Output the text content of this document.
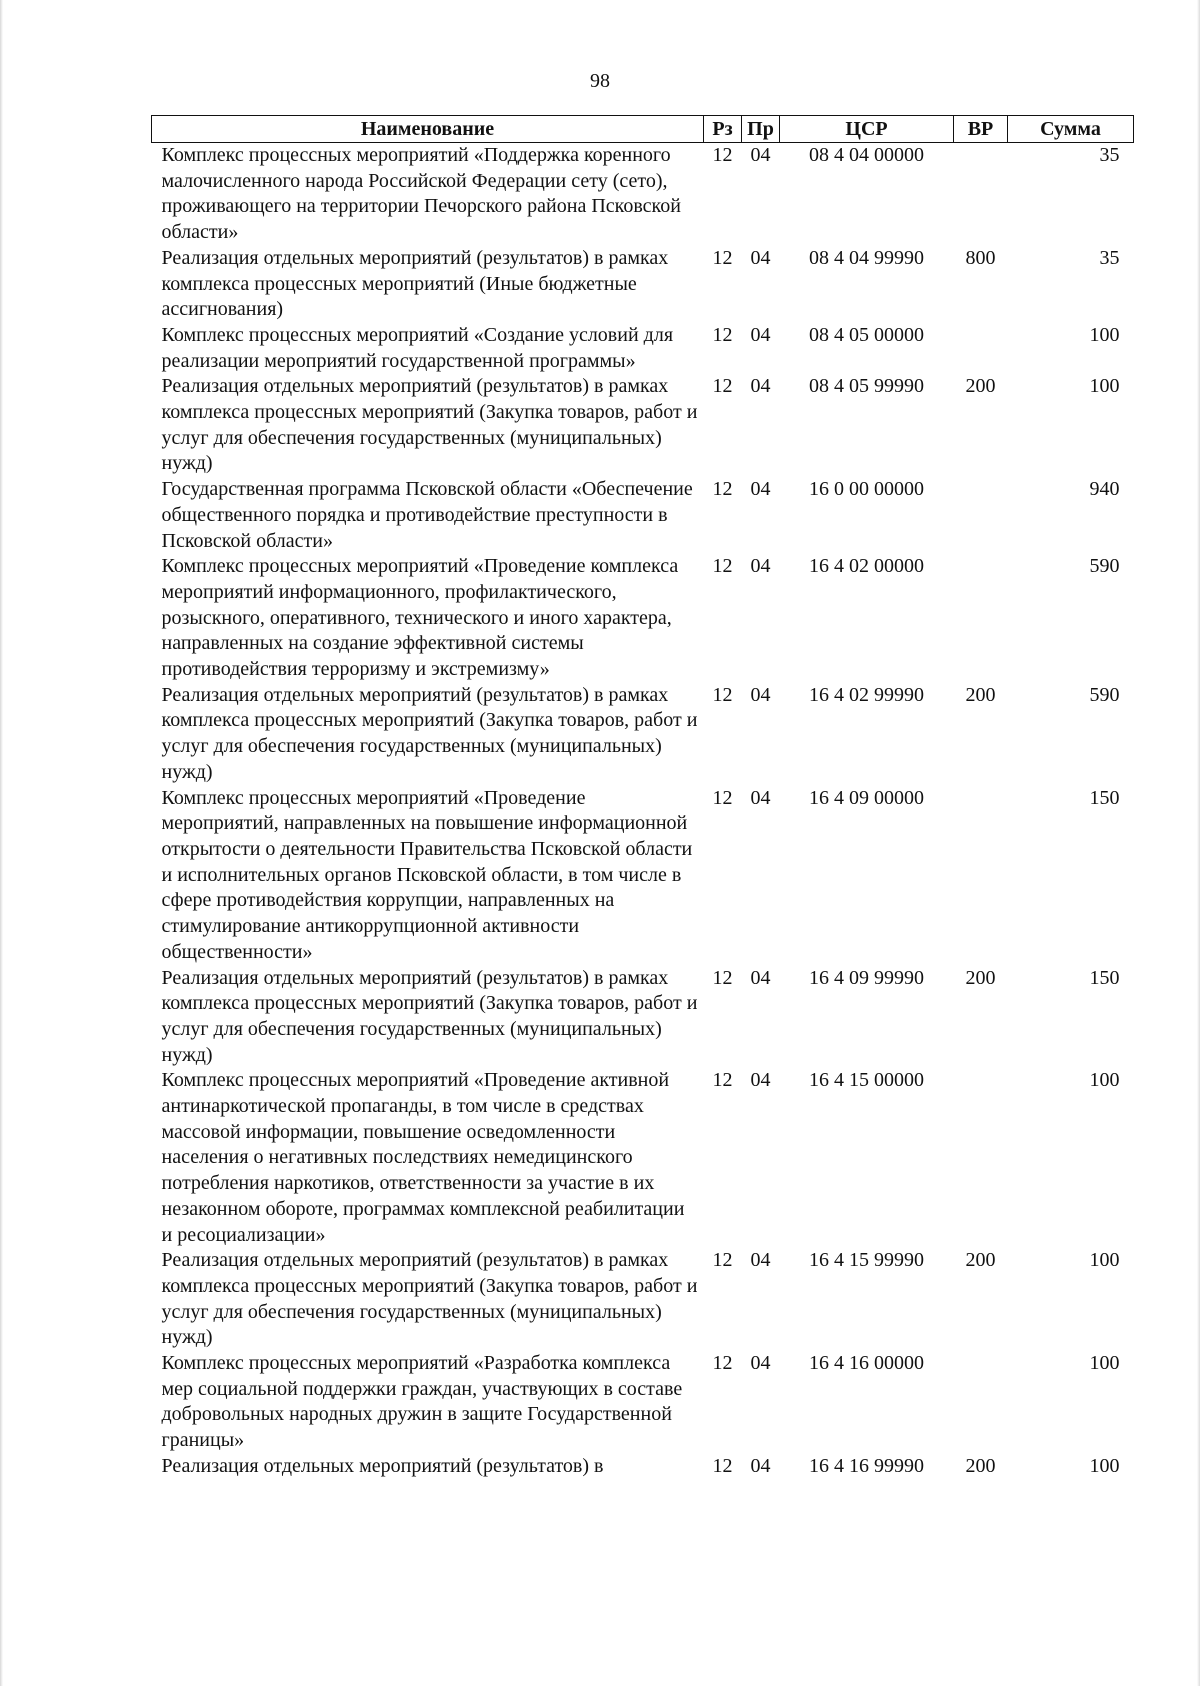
98
Наименование	Рз	Пр	ЦСР	ВР	Сумма
Комплекс процессных мероприятий «Поддержка коренного малочисленного народа Российской Федерации сету (сето), проживающего на территории Печорского района Псковской области»	12	04	08 4 04 00000		35
Реализация отдельных мероприятий (результатов) в рамках комплекса процессных мероприятий (Иные бюджетные ассигнования)	12	04	08 4 04 99990	800	35
Комплекс процессных мероприятий «Создание условий для реализации мероприятий государственной программы»	12	04	08 4 05 00000		100
Реализация отдельных мероприятий (результатов) в рамках комплекса процессных мероприятий (Закупка товаров, работ и услуг для обеспечения государственных (муниципальных) нужд)	12	04	08 4 05 99990	200	100
Государственная программа Псковской области «Обеспечение общественного порядка и противодействие преступности в Псковской области»	12	04	16 0 00 00000		940
Комплекс процессных мероприятий «Проведение комплекса мероприятий информационного, профилактического, розыскного, оперативного, технического и иного характера, направленных на создание эффективной системы противодействия терроризму и экстремизму»	12	04	16 4 02 00000		590
Реализация отдельных мероприятий (результатов) в рамках комплекса процессных мероприятий (Закупка товаров, работ и услуг для обеспечения государственных (муниципальных) нужд)	12	04	16 4 02 99990	200	590
Комплекс процессных мероприятий «Проведение мероприятий, направленных на повышение информационной открытости о деятельности Правительства Псковской области и исполнительных органов Псковской области, в том числе в сфере противодействия коррупции, направленных на стимулирование антикоррупционной активности общественности»	12	04	16 4 09 00000		150
Реализация отдельных мероприятий (результатов) в рамках комплекса процессных мероприятий (Закупка товаров, работ и услуг для обеспечения государственных (муниципальных) нужд)	12	04	16 4 09 99990	200	150
Комплекс процессных мероприятий «Проведение активной антинаркотической пропаганды, в том числе в средствах массовой информации, повышение осведомленности населения о негативных последствиях немедицинского потребления наркотиков, ответственности за участие в их незаконном обороте, программах комплексной реабилитации и ресоциализации»	12	04	16 4 15 00000		100
Реализация отдельных мероприятий (результатов) в рамках комплекса процессных мероприятий (Закупка товаров, работ и услуг для обеспечения государственных (муниципальных) нужд)	12	04	16 4 15 99990	200	100
Комплекс процессных мероприятий «Разработка комплекса мер социальной поддержки граждан, участвующих в составе добровольных народных дружин в защите Государственной границы»	12	04	16 4 16 00000		100
Реализация отдельных мероприятий (результатов) в	12	04	16 4 16 99990	200	100
